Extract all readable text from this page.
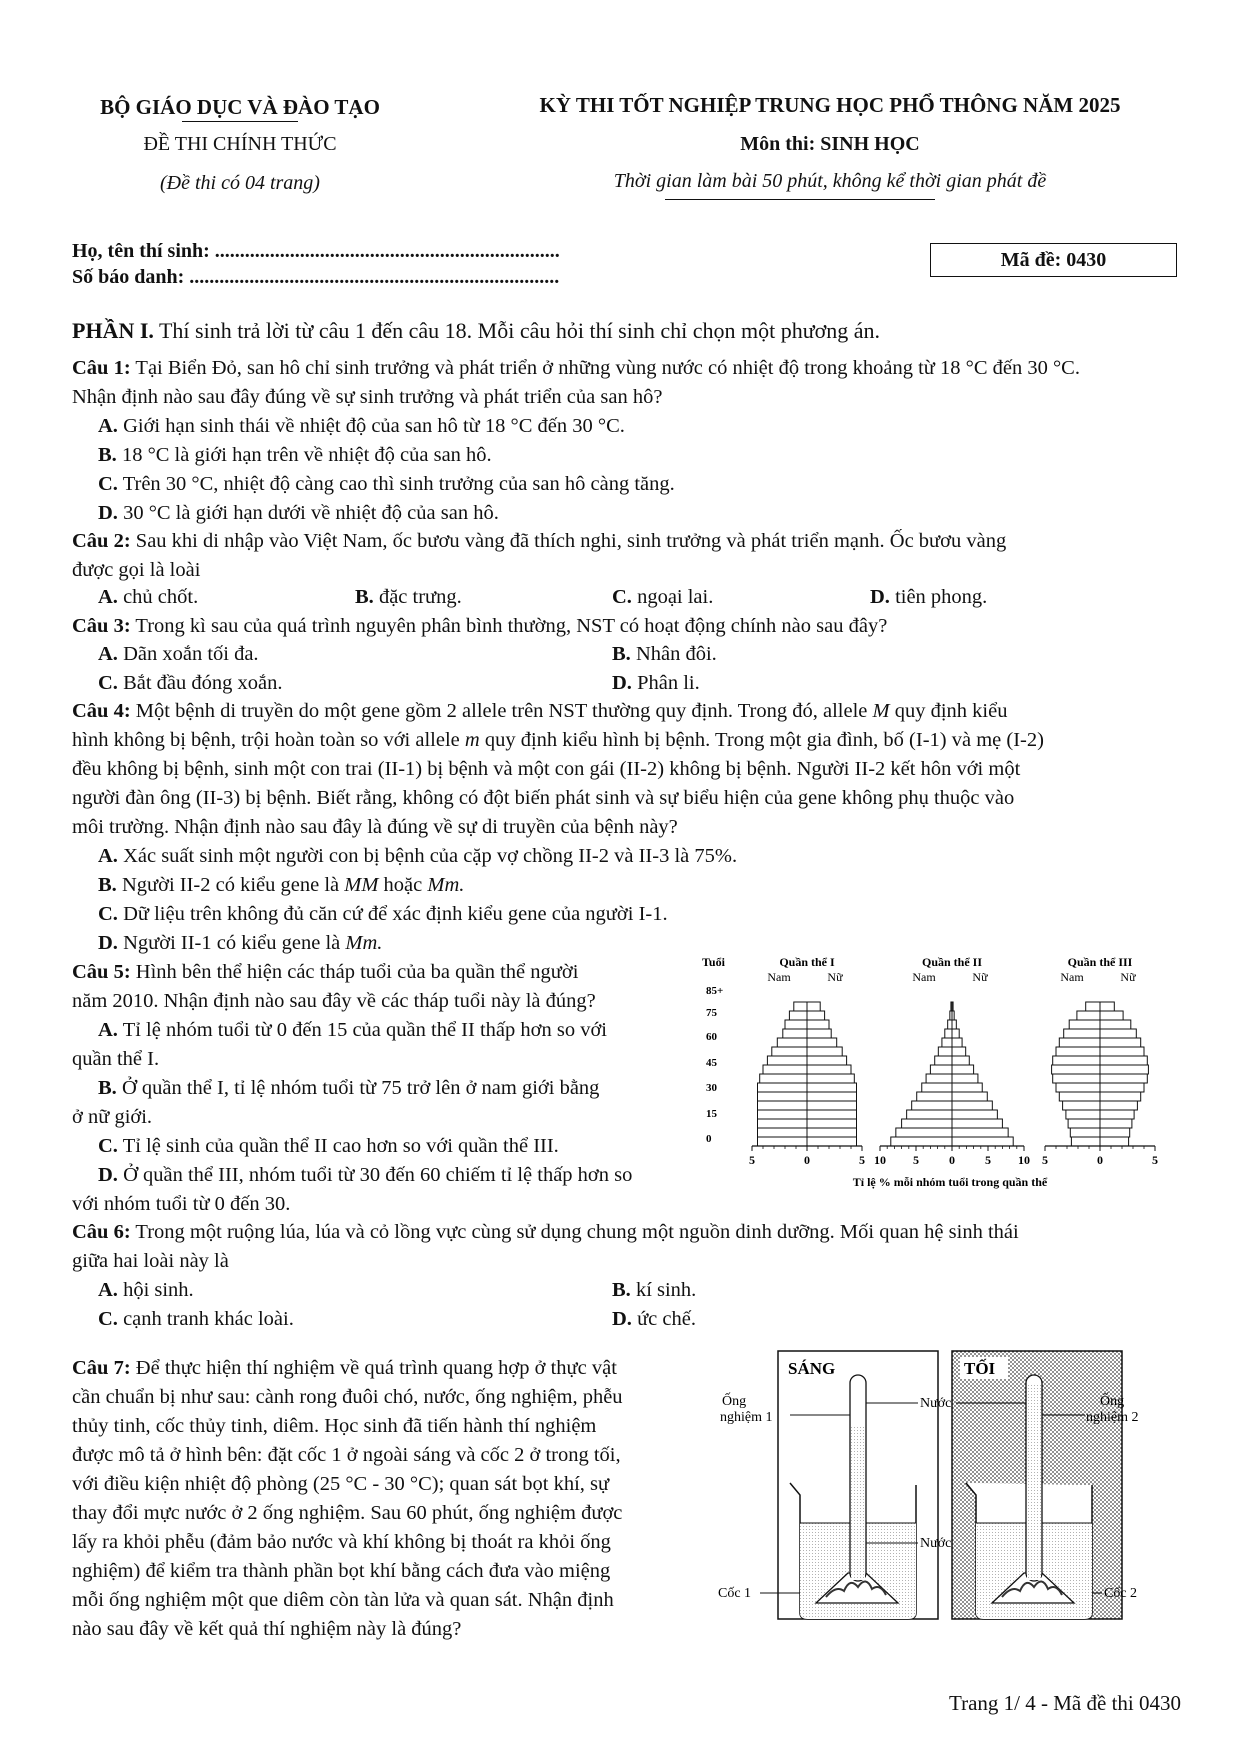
BỘ GIÁO DỤC VÀ ĐÀO TẠO
ĐỀ THI CHÍNH THỨC
(Đề thi có 04 trang)
KỲ THI TỐT NGHIỆP TRUNG HỌC PHỔ THÔNG NĂM 2025
Môn thi: SINH HỌC
Thời gian làm bài 50 phút, không kể thời gian phát đề
Họ, tên thí sinh: .....................................................................
Số báo danh: ..........................................................................
Mã đề: 0430
PHẦN I. Thí sinh trả lời từ câu 1 đến câu 18. Mỗi câu hỏi thí sinh chỉ chọn một phương án.
Câu 1: Tại Biển Đỏ, san hô chỉ sinh trưởng và phát triển ở những vùng nước có nhiệt độ trong khoảng từ 18 °C đến 30 °C.
Nhận định nào sau đây đúng về sự sinh trưởng và phát triển của san hô?
A. Giới hạn sinh thái về nhiệt độ của san hô từ 18 °C đến 30 °C.
B. 18 °C là giới hạn trên về nhiệt độ của san hô.
C. Trên 30 °C, nhiệt độ càng cao thì sinh trưởng của san hô càng tăng.
D. 30 °C là giới hạn dưới về nhiệt độ của san hô.
Câu 2: Sau khi di nhập vào Việt Nam, ốc bươu vàng đã thích nghi, sinh trưởng và phát triển mạnh. Ốc bươu vàng
được gọi là loài
A. chủ chốt.	B. đặc trưng.	C. ngoại lai.	D. tiên phong.
Câu 3: Trong kì sau của quá trình nguyên phân bình thường, NST có hoạt động chính nào sau đây?
A. Dãn xoắn tối đa.	B. Nhân đôi.
C. Bắt đầu đóng xoắn.	D. Phân li.
Câu 4: Một bệnh di truyền do một gene gồm 2 allele trên NST thường quy định. Trong đó, allele M quy định kiểu
hình không bị bệnh, trội hoàn toàn so với allele m quy định kiểu hình bị bệnh. Trong một gia đình, bố (I-1) và mẹ (I-2)
đều không bị bệnh, sinh một con trai (II-1) bị bệnh và một con gái (II-2) không bị bệnh. Người II-2 kết hôn với một
người đàn ông (II-3) bị bệnh. Biết rằng, không có đột biến phát sinh và sự biểu hiện của gene không phụ thuộc vào
môi trường. Nhận định nào sau đây là đúng về sự di truyền của bệnh này?
A. Xác suất sinh một người con bị bệnh của cặp vợ chồng II-2 và II-3 là 75%.
B. Người II-2 có kiểu gene là MM hoặc Mm.
C. Dữ liệu trên không đủ căn cứ để xác định kiểu gene của người I-1.
D. Người II-1 có kiểu gene là Mm.
Câu 5: Hình bên thể hiện các tháp tuổi của ba quần thể người
năm 2010. Nhận định nào sau đây về các tháp tuổi này là đúng?
A. Tỉ lệ nhóm tuổi từ 0 đến 15 của quần thể II thấp hơn so với
quần thể I.
B. Ở quần thể I, tỉ lệ nhóm tuổi từ 75 trở lên ở nam giới bằng
ở nữ giới.
C. Tỉ lệ sinh của quần thể II cao hơn so với quần thể III.
D. Ở quần thể III, nhóm tuổi từ 30 đến 60 chiếm tỉ lệ thấp hơn so
với nhóm tuổi từ 0 đến 30.
Tuổi
85+
75
60
45
30
15
0
Quần thể I
Nam	Nữ
5	0	5
Quần thể II
Nam	Nữ
10 5	0	5 10
Quần thể III
Nam	Nữ
5	0	5
Tỉ lệ % mỗi nhóm tuổi trong quần thể
Câu 6: Trong một ruộng lúa, lúa và cỏ lồng vực cùng sử dụng chung một nguồn dinh dưỡng. Mối quan hệ sinh thái
giữa hai loài này là
A. hội sinh.	B. kí sinh.
C. cạnh tranh khác loài.	D. ức chế.
Câu 7: Để thực hiện thí nghiệm về quá trình quang hợp ở thực vật
cần chuẩn bị như sau: cành rong đuôi chó, nước, ống nghiệm, phễu
thủy tinh, cốc thủy tinh, diêm. Học sinh đã tiến hành thí nghiệm
được mô tả ở hình bên: đặt cốc 1 ở ngoài sáng và cốc 2 ở trong tối,
với điều kiện nhiệt độ phòng (25 °C - 30 °C); quan sát bọt khí, sự
thay đổi mực nước ở 2 ống nghiệm. Sau 60 phút, ống nghiệm được
lấy ra khỏi phễu (đảm bảo nước và khí không bị thoát ra khỏi ống
nghiệm) để kiểm tra thành phần bọt khí bằng cách đưa vào miệng
mỗi ống nghiệm một que diêm còn tàn lửa và quan sát. Nhận định
nào sau đây về kết quả thí nghiệm này là đúng?
SÁNG	TỐI
Ống
nghiệm 1
Ống
nghiệm 2
Nước
Nước
Cốc 1	Cốc 2
Trang 1/ 4 - Mã đề thi 0430
